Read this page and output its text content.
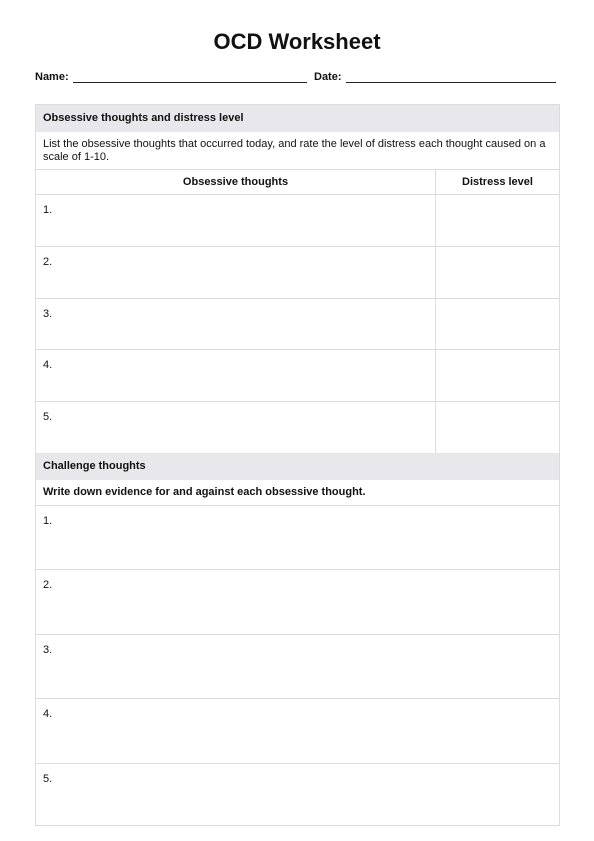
OCD Worksheet
Name:	Date:
Obsessive thoughts and distress level
List the obsessive thoughts that occurred today, and rate the level of distress each thought caused on a scale of 1-10.
Obsessive thoughts	Distress level
1.
2.
3.
4.
5.
Challenge thoughts
Write down evidence for and against each obsessive thought.
1.
2.
3.
4.
5.
